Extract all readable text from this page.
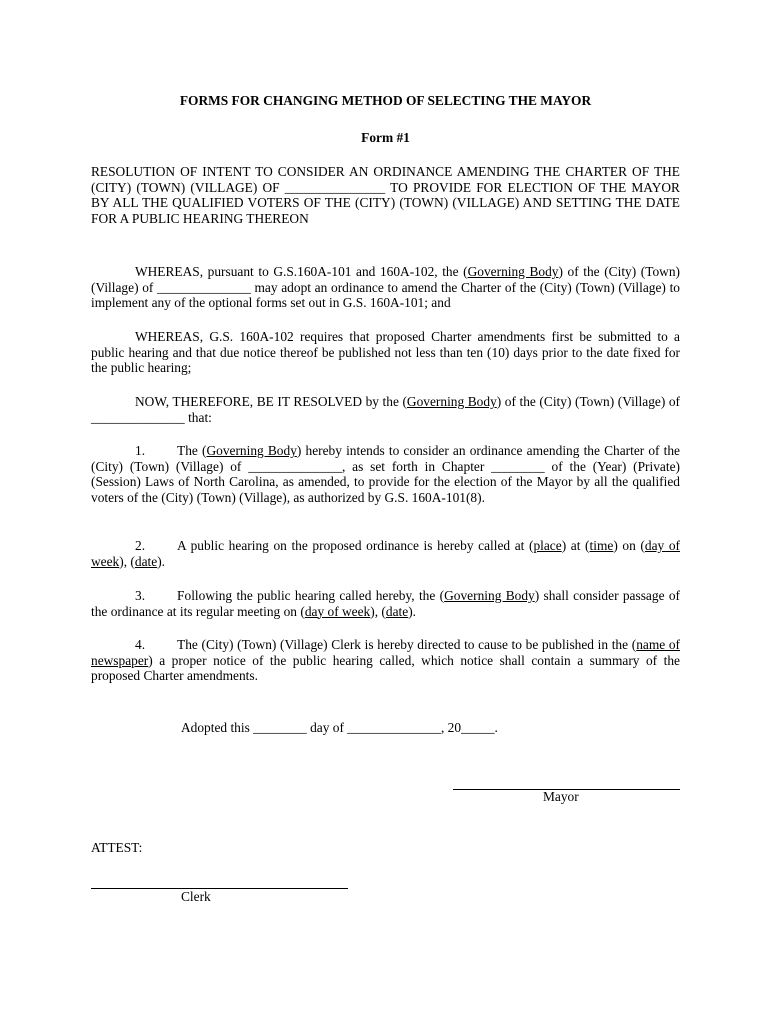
FORMS FOR CHANGING METHOD OF SELECTING THE MAYOR

Form #1

RESOLUTION OF INTENT TO CONSIDER AN ORDINANCE AMENDING THE CHARTER OF THE (CITY) (TOWN) (VILLAGE) OF _______________ TO PROVIDE FOR ELECTION OF THE MAYOR BY ALL THE QUALIFIED VOTERS OF THE (CITY) (TOWN) (VILLAGE) AND SETTING THE DATE FOR A PUBLIC HEARING THEREON

WHEREAS, pursuant to G.S.160A-101 and 160A-102, the (Governing Body) of the (City) (Town) (Village) of ______________ may adopt an ordinance to amend the Charter of the (City) (Town) (Village) to implement any of the optional forms set out in G.S. 160A-101; and

WHEREAS, G.S. 160A-102 requires that proposed Charter amendments first be submitted to a public hearing and that due notice thereof be published not less than ten (10) days prior to the date fixed for the public hearing;

NOW, THEREFORE, BE IT RESOLVED by the (Governing Body) of the (City) (Town) (Village) of ______________ that:

1. The (Governing Body) hereby intends to consider an ordinance amending the Charter of the (City) (Town) (Village) of ______________, as set forth in Chapter ________ of the (Year) (Private) (Session) Laws of North Carolina, as amended, to provide for the election of the Mayor by all the qualified voters of the (City) (Town) (Village), as authorized by G.S. 160A-101(8).

2. A public hearing on the proposed ordinance is hereby called at (place) at (time) on (day of week), (date).

3. Following the public hearing called hereby, the (Governing Body) shall consider passage of the ordinance at its regular meeting on (day of week), (date).

4. The (City) (Town) (Village) Clerk is hereby directed to cause to be published in the (name of newspaper) a proper notice of the public hearing called, which notice shall contain a summary of the proposed Charter amendments.

Adopted this ________ day of ______________, 20_____.

Mayor

ATTEST:

Clerk
